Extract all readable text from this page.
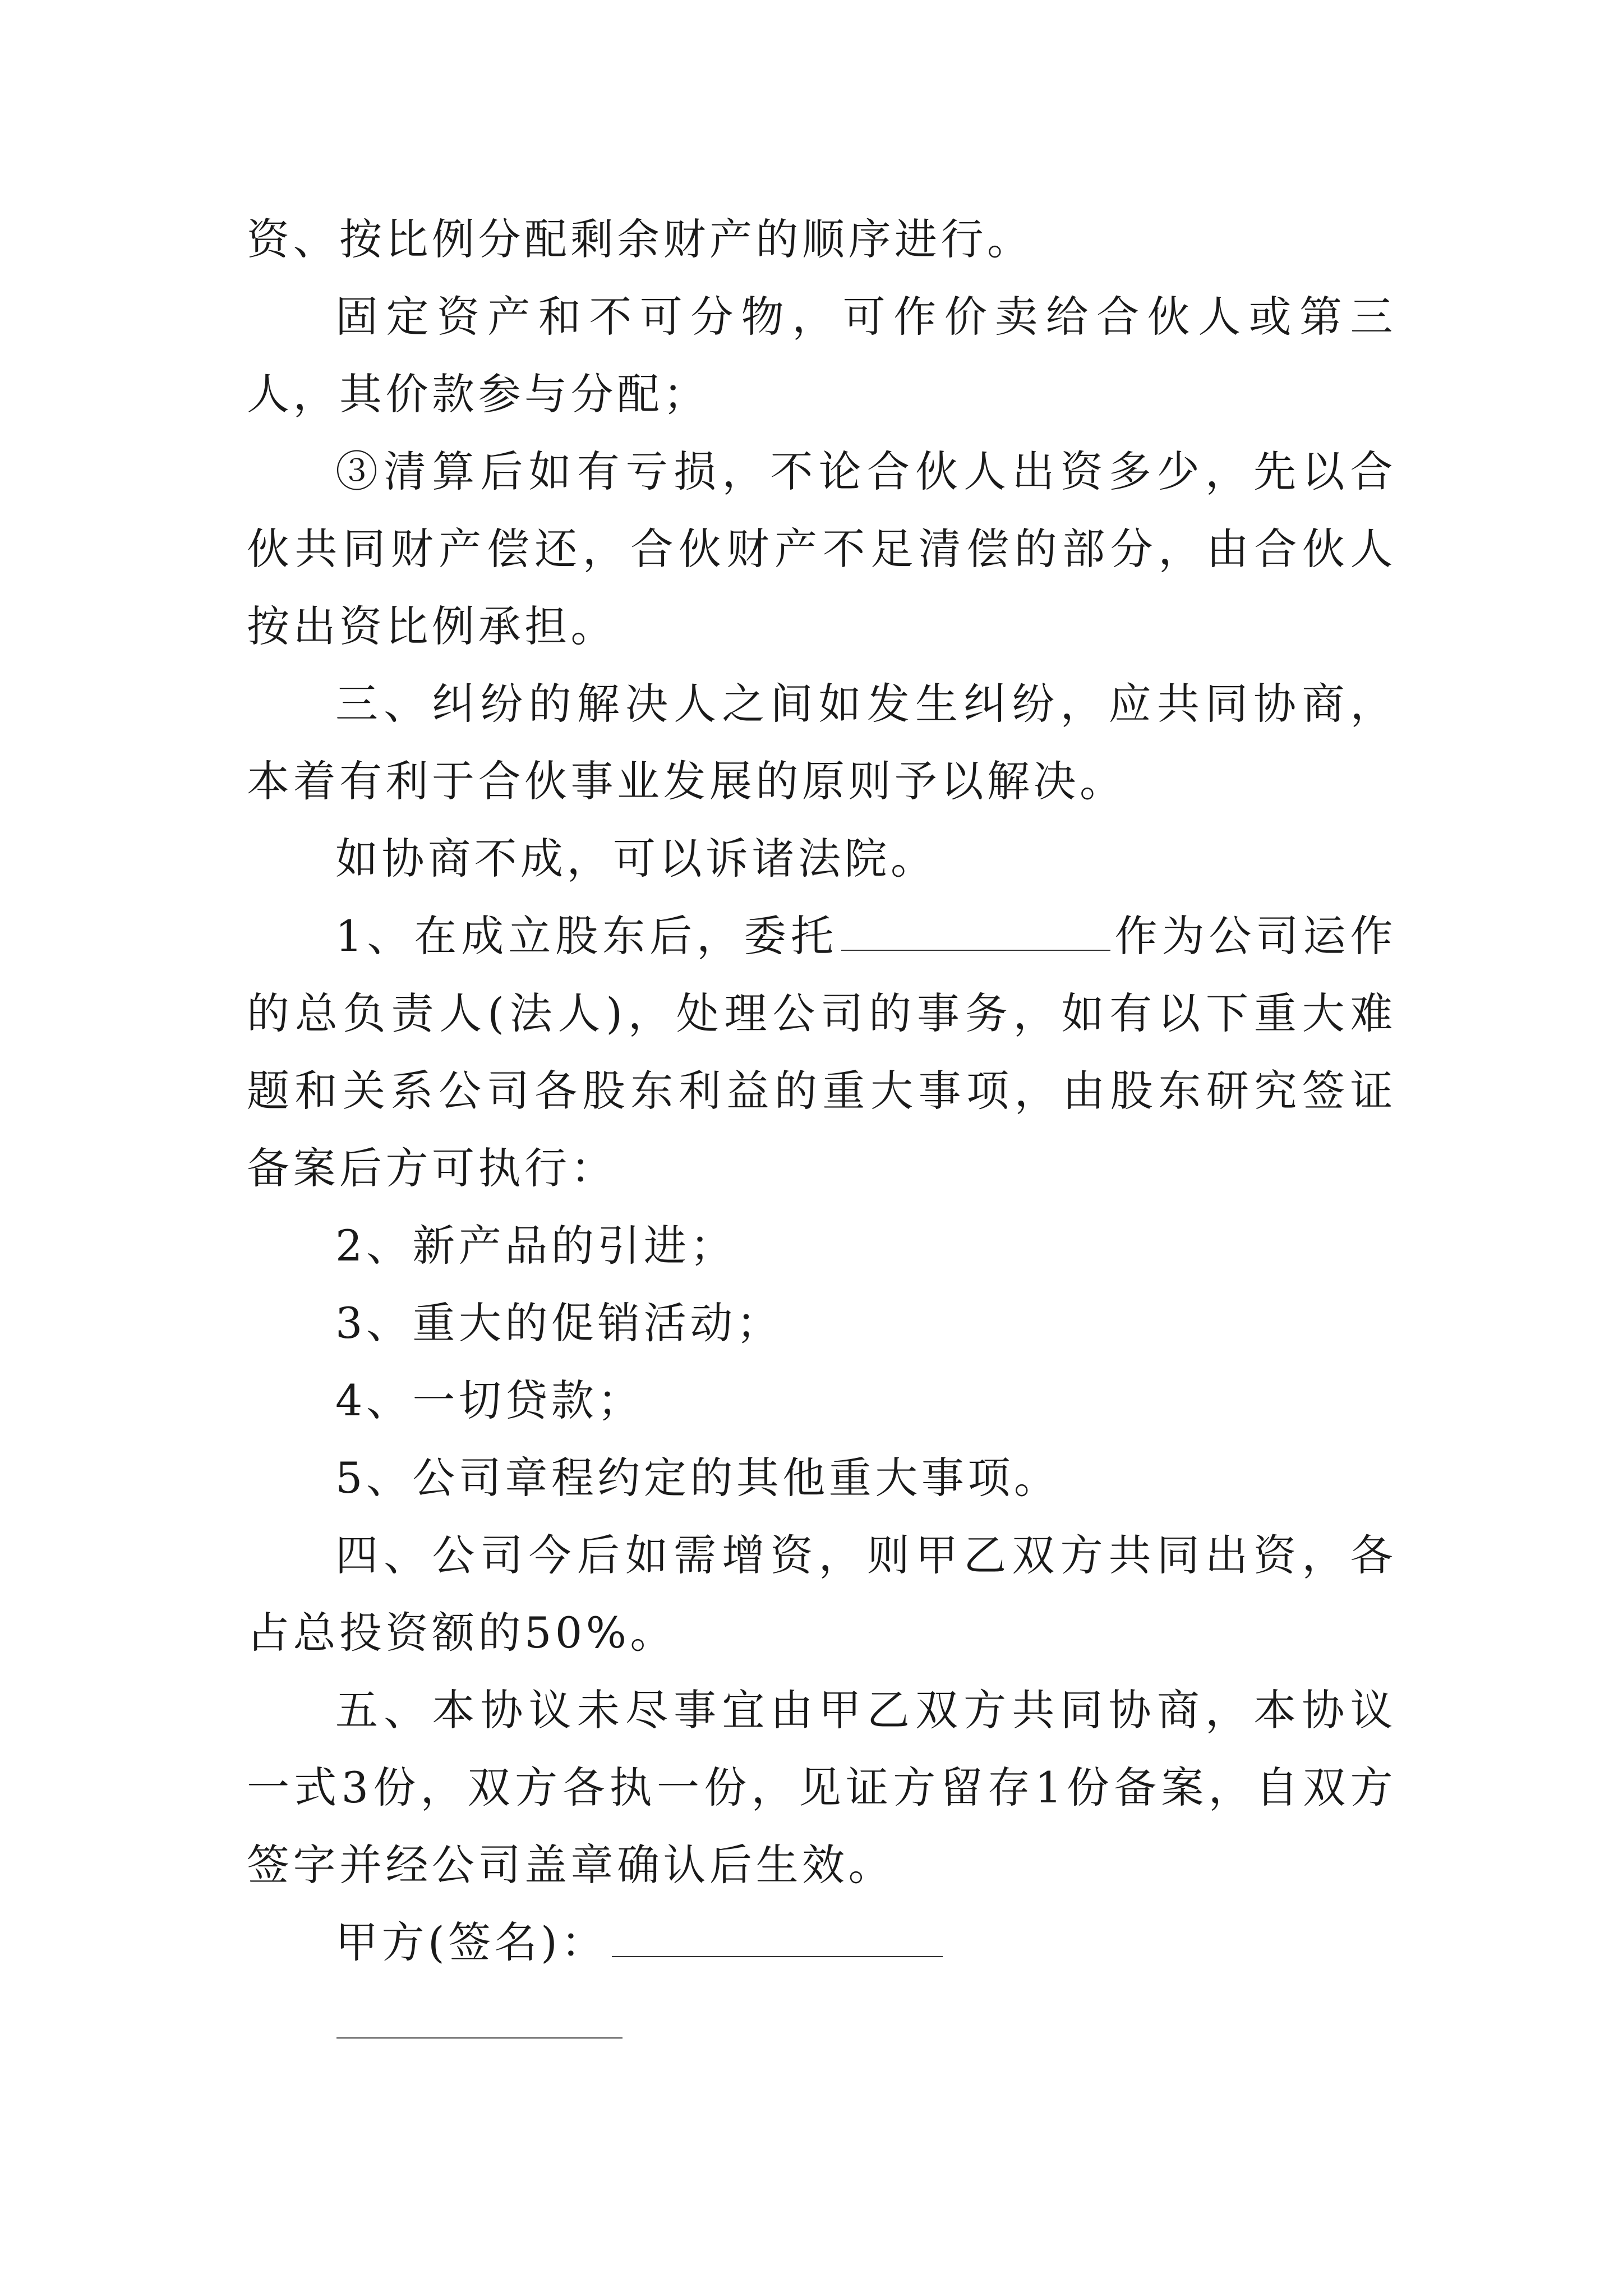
资、按比例分配剩余财产的顺序进行。

固定资产和不可分物，可作价卖给合伙人或第三人，其价款参与分配；

③清算后如有亏损，不论合伙人出资多少，先以合伙共同财产偿还，合伙财产不足清偿的部分，由合伙人按出资比例承担。

三、纠纷的解决人之间如发生纠纷，应共同协商，本着有利于合伙事业发展的原则予以解决。

如协商不成，可以诉诸法院。

1、在成立股东后，委托	作为公司运作的总负责人(法人)，处理公司的事务，如有以下重大难题和关系公司各股东利益的重大事项，由股东研究签证备案后方可执行：

2、新产品的引进；

3、重大的促销活动；

4、一切贷款；

5、公司章程约定的其他重大事项。

四、公司今后如需增资，则甲乙双方共同出资，各占总投资额的50%。

五、本协议未尽事宜由甲乙双方共同协商，本协议一式3份，双方各执一份，见证方留存1份备案，自双方签字并经公司盖章确认后生效。

甲方(签名)：
